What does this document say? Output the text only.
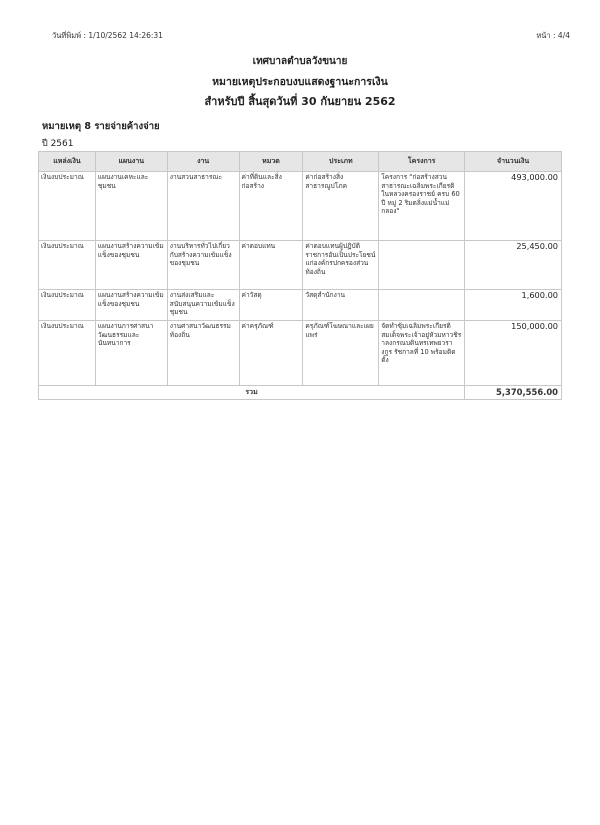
วันที่พิมพ์ : 1/10/2562 14:26:31	หน้า : 4/4
เทศบาลตำบลวังขนาย
หมายเหตุประกอบงบแสดงฐานะการเงิน
สำหรับปี สิ้นสุดวันที่ 30 กันยายน 2562
หมายเหตุ 8 รายจ่ายค้างจ่าย
ปี 2561
แหล่งเงิน	แผนงาน	งาน	หมวด	ประเภท	โครงการ	จำนวนเงิน
เงินงบประมาณ	แผนงานเคหะและชุมชน	งานสวนสาธารณะ	ค่าที่ดินและสิ่งก่อสร้าง	ค่าก่อสร้างสิ่งสาธารณูปโภค	โครงการ "ก่อสร้างสวนสาธารณะเฉลิมพระเกียรติในหลวงครองราชย์ ครบ 60 ปี หมู่ 2 ริมตลิ่งแม่น้ำแม่กลอง"	493,000.00
เงินงบประมาณ	แผนงานสร้างความเข้มแข็งของชุมชน	งานบริหารทั่วไปเกี่ยวกับสร้างความเข้มแข็งของชุมชน	ค่าตอบแทน	ค่าตอบแทนผู้ปฏิบัติราชการอันเป็นประโยชน์แก่องค์กรปกครองส่วนท้องถิ่น		25,450.00
เงินงบประมาณ	แผนงานสร้างความเข้มแข็งของชุมชน	งานส่งเสริมและสนับสนุนความเข้มแข็งชุมชน	ค่าวัสดุ	วัสดุสำนักงาน		1,600.00
เงินงบประมาณ	แผนงานการศาสนาวัฒนธรรมและนันทนาการ	งานศาสนาวัฒนธรรมท้องถิ่น	ค่าครุภัณฑ์	ครุภัณฑ์โฆษณาและเผยแพร่	จัดทำซุ้มเฉลิมพระเกียรติสมเด็จพระเจ้าอยู่หัวมหาวชิราลงกรณบดินทรเทพยวรางกูร รัชกาลที่ 10 พร้อมติดตั้ง	150,000.00
รวม						5,370,556.00
